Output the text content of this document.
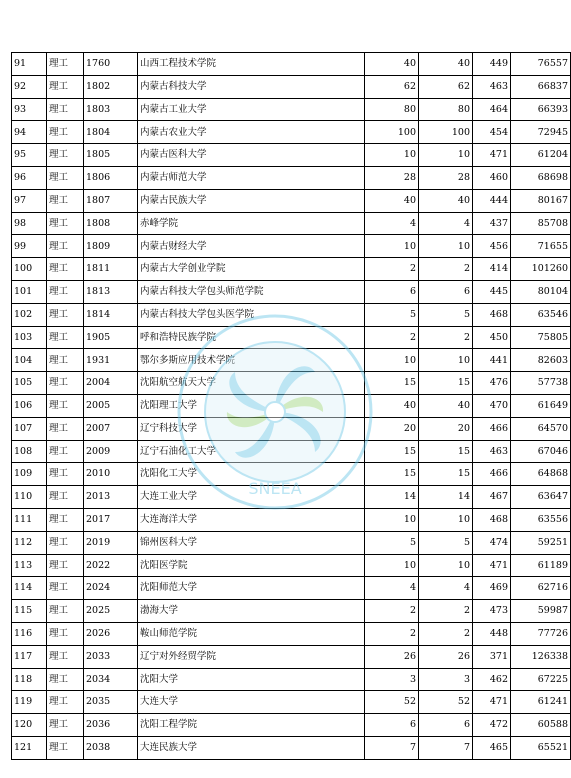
91	理工	1760	山西工程技术学院	40	40	449	76557
92	理工	1802	内蒙古科技大学	62	62	463	66837
93	理工	1803	内蒙古工业大学	80	80	464	66393
94	理工	1804	内蒙古农业大学	100	100	454	72945
95	理工	1805	内蒙古医科大学	10	10	471	61204
96	理工	1806	内蒙古师范大学	28	28	460	68698
97	理工	1807	内蒙古民族大学	40	40	444	80167
98	理工	1808	赤峰学院	4	4	437	85708
99	理工	1809	内蒙古财经大学	10	10	456	71655
100	理工	1811	内蒙古大学创业学院	2	2	414	101260
101	理工	1813	内蒙古科技大学包头师范学院	6	6	445	80104
102	理工	1814	内蒙古科技大学包头医学院	5	5	468	63546
103	理工	1905	呼和浩特民族学院	2	2	450	75805
104	理工	1931	鄂尔多斯应用技术学院	10	10	441	82603
105	理工	2004	沈阳航空航天大学	15	15	476	57738
106	理工	2005	沈阳理工大学	40	40	470	61649
107	理工	2007	辽宁科技大学	20	20	466	64570
108	理工	2009	辽宁石油化工大学	15	15	463	67046
109	理工	2010	沈阳化工大学	15	15	466	64868
110	理工	2013	大连工业大学	14	14	467	63647
111	理工	2017	大连海洋大学	10	10	468	63556
112	理工	2019	锦州医科大学	5	5	474	59251
113	理工	2022	沈阳医学院	10	10	471	61189
114	理工	2024	沈阳师范大学	4	4	469	62716
115	理工	2025	渤海大学	2	2	473	59987
116	理工	2026	鞍山师范学院	2	2	448	77726
117	理工	2033	辽宁对外经贸学院	26	26	371	126338
118	理工	2034	沈阳大学	3	3	462	67225
119	理工	2035	大连大学	52	52	471	61241
120	理工	2036	沈阳工程学院	6	6	472	60588
121	理工	2038	大连民族大学	7	7	465	65521
SNEEA
